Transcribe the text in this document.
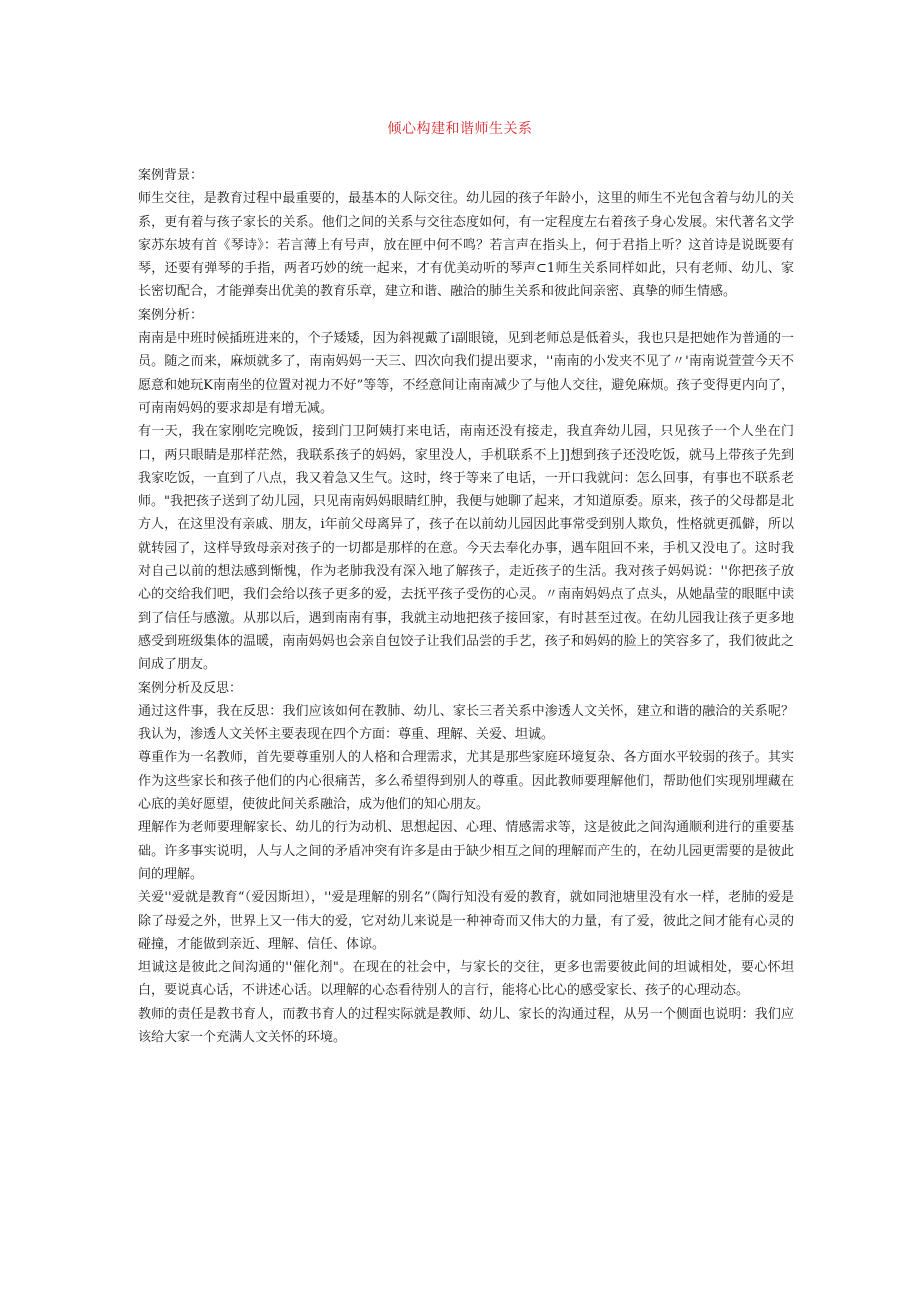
倾心构建和谐师生关系

案例背景：

师生交往，是教育过程中最重要的，最基本的人际交往。幼儿园的孩子年龄小，这里的师生不光包含着与幼儿的关系，更有着与孩子家长的关系。他们之间的关系与交往态度如何，有一定程度左右着孩子身心发展。宋代著名文学家苏东坡有首《琴诗》：若言薄上有号声，放在匣中何不鸣？若言声在指头上，何于君指上听？这首诗是说既要有琴，还要有弹琴的手指，两者巧妙的统一起来，才有优美动听的琴声⊂1师生关系同样如此，只有老师、幼儿、家长密切配合，才能弹奏出优美的教育乐章，建立和谐、融洽的肺生关系和彼此间亲密、真挚的师生情感。

案例分析：

南南是中班时候插班进来的，个子矮矮，因为斜视戴了i副眼镜，见到老师总是低着头，我也只是把她作为普通的一员。随之而来，麻烦就多了，南南妈妈一天三、四次向我们提出要求，''南南的小发夹不见了〃'南南说萱萱今天不愿意和她玩K南南坐的位置对视力不好”等等，不经意间让南南减少了与他人交往，避免麻烦。孩子变得更内向了，可南南妈妈的要求却是有增无减。

有一天，我在家刚吃完晚饭，接到门卫阿姨打来电话，南南还没有接走，我直奔幼儿园，只见孩子一个人坐在门口，两只眼睛是那样茫然，我联系孩子的妈妈，家里没人，手机联系不上]]想到孩子还没吃饭，就马上带孩子先到我家吃饭，一直到了八点，我又着急又生气。这时，终于等来了电话，一开口我就问：怎么回事，有事也不联系老师。"我把孩子送到了幼儿园，只见南南妈妈眼睛红肿，我便与她聊了起来，才知道原委。原来，孩子的父母都是北方人，在这里没有亲戚、朋友，i年前父母离异了，孩子在以前幼儿园因此事常受到别人欺负，性格就更孤僻，所以就转园了，这样导致母亲对孩子的一切都是那样的在意。今天去奉化办事，遇车阻回不来，手机又没电了。这时我对自己以前的想法感到惭愧，作为老肺我没有深入地了解孩子，走近孩子的生活。我对孩子妈妈说：''你把孩子放心的交给我们吧，我们会给以孩子更多的爱，去抚平孩子受伤的心灵。〃南南妈妈点了点头，从她晶莹的眼眶中读到了信任与感激。从那以后，遇到南南有事，我就主动地把孩子接回家，有时甚至过夜。在幼儿园我让孩子更多地感受到班级集体的温暖，南南妈妈也会亲自包饺子让我们品尝的手艺，孩子和妈妈的脸上的笑容多了，我们彼此之间成了朋友。

案例分析及反思：

通过这件事，我在反思：我们应该如何在教肺、幼儿、家长三者关系中渗透人文关怀，建立和谐的融洽的关系呢？我认为，渗透人文关怀主要表现在四个方面：尊重、理解、关爱、坦诚。

尊重作为一名教师，首先要尊重别人的人格和合理需求，尤其是那些家庭环境复杂、各方面水平较弱的孩子。其实作为这些家长和孩子他们的内心很痛苦，多么希望得到别人的尊重。因此教师要理解他们，帮助他们实现别埋藏在心底的美好愿望，使彼此间关系融洽，成为他们的知心朋友。

理解作为老师要理解家长、幼儿的行为动机、思想起因、心理、情感需求等，这是彼此之间沟通顺利进行的重要基础。许多事实说明，人与人之间的矛盾冲突有许多是由于缺少相互之间的理解而产生的，在幼儿园更需要的是彼此间的理解。

关爱''爱就是教育“（爱因斯坦），''爱是理解的别名”（陶行知没有爱的教育，就如同池塘里没有水一样，老肺的爱是除了母爱之外，世界上又一伟大的爱，它对幼儿来说是一种神奇而又伟大的力量，有了爱，彼此之间才能有心灵的碰撞，才能做到亲近、理解、信任、体谅。

坦诚这是彼此之间沟通的''催化剂"。在现在的社会中，与家长的交往，更多也需要彼此间的坦诚相处，要心怀坦白，要说真心话，不讲述心话。以理解的心态看待别人的言行，能将心比心的感受家长、孩子的心理动态。

教师的责任是教书育人，而教书育人的过程实际就是教师、幼儿、家长的沟通过程，从另一个侧面也说明：我们应该给大家一个充满人文关怀的环境。
